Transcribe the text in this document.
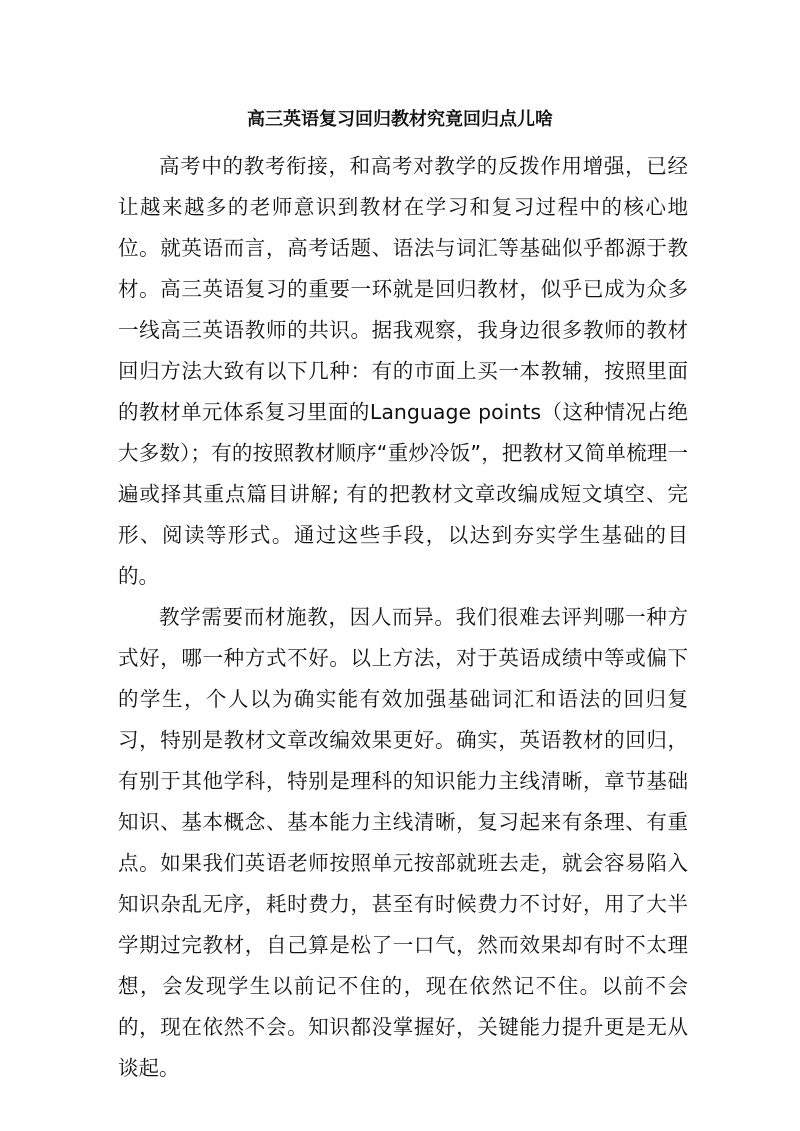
高三英语复习回归教材究竟回归点儿啥

高考中的教考衔接，和高考对教学的反拨作用增强，已经让越来越多的老师意识到教材在学习和复习过程中的核心地位。就英语而言，高考话题、语法与词汇等基础似乎都源于教材。高三英语复习的重要一环就是回归教材，似乎已成为众多一线高三英语教师的共识。据我观察，我身边很多教师的教材回归方法大致有以下几种：有的市面上买一本教辅，按照里面的教材单元体系复习里面的Language points（这种情况占绝大多数）；有的按照教材顺序“重炒冷饭”，把教材又简单梳理一遍或择其重点篇目讲解; 有的把教材文章改编成短文填空、完形、阅读等形式。通过这些手段，以达到夯实学生基础的目的。

教学需要而材施教，因人而异。我们很难去评判哪一种方式好，哪一种方式不好。以上方法，对于英语成绩中等或偏下的学生，个人以为确实能有效加强基础词汇和语法的回归复习，特别是教材文章改编效果更好。确实，英语教材的回归，有别于其他学科，特别是理科的知识能力主线清晰，章节基础知识、基本概念、基本能力主线清晰，复习起来有条理、有重点。如果我们英语老师按照单元按部就班去走，就会容易陷入知识杂乱无序，耗时费力，甚至有时候费力不讨好，用了大半学期过完教材，自己算是松了一口气，然而效果却有时不太理想，会发现学生以前记不住的，现在依然记不住。以前不会的，现在依然不会。知识都没掌握好，关键能力提升更是无从谈起。
